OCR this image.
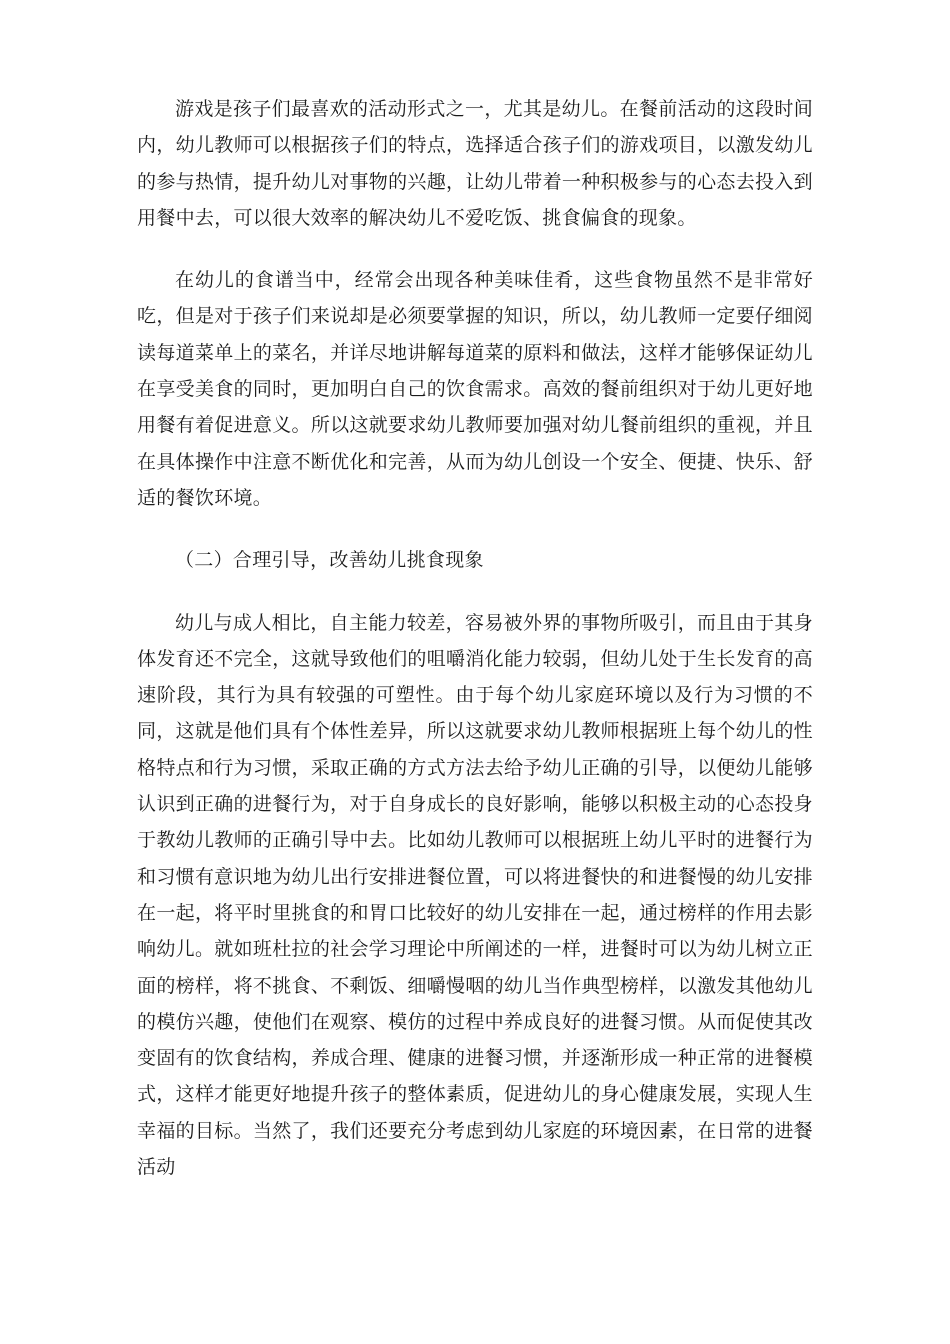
游戏是孩子们最喜欢的活动形式之一，尤其是幼儿。在餐前活动的这段时间内，幼儿教师可以根据孩子们的特点，选择适合孩子们的游戏项目，以激发幼儿的参与热情，提升幼儿对事物的兴趣，让幼儿带着一种积极参与的心态去投入到用餐中去，可以很大效率的解决幼儿不爱吃饭、挑食偏食的现象。

在幼儿的食谱当中，经常会出现各种美味佳肴，这些食物虽然不是非常好吃，但是对于孩子们来说却是必须要掌握的知识，所以，幼儿教师一定要仔细阅读每道菜单上的菜名，并详尽地讲解每道菜的原料和做法，这样才能够保证幼儿在享受美食的同时，更加明白自己的饮食需求。高效的餐前组织对于幼儿更好地用餐有着促进意义。所以这就要求幼儿教师要加强对幼儿餐前组织的重视，并且在具体操作中注意不断优化和完善，从而为幼儿创设一个安全、便捷、快乐、舒适的餐饮环境。

（二）合理引导，改善幼儿挑食现象

幼儿与成人相比，自主能力较差，容易被外界的事物所吸引，而且由于其身体发育还不完全，这就导致他们的咀嚼消化能力较弱，但幼儿处于生长发育的高速阶段，其行为具有较强的可塑性。由于每个幼儿家庭环境以及行为习惯的不同，这就是他们具有个体性差异，所以这就要求幼儿教师根据班上每个幼儿的性格特点和行为习惯，采取正确的方式方法去给予幼儿正确的引导，以便幼儿能够认识到正确的进餐行为，对于自身成长的良好影响，能够以积极主动的心态投身于教幼儿教师的正确引导中去。比如幼儿教师可以根据班上幼儿平时的进餐行为和习惯有意识地为幼儿出行安排进餐位置，可以将进餐快的和进餐慢的幼儿安排在一起，将平时里挑食的和胃口比较好的幼儿安排在一起，通过榜样的作用去影响幼儿。就如班杜拉的社会学习理论中所阐述的一样，进餐时可以为幼儿树立正面的榜样，将不挑食、不剩饭、细嚼慢咽的幼儿当作典型榜样，以激发其他幼儿的模仿兴趣，使他们在观察、模仿的过程中养成良好的进餐习惯。从而促使其改变固有的饮食结构，养成合理、健康的进餐习惯，并逐渐形成一种正常的进餐模式，这样才能更好地提升孩子的整体素质，促进幼儿的身心健康发展，实现人生幸福的目标。当然了，我们还要充分考虑到幼儿家庭的环境因素，在日常的进餐活动
